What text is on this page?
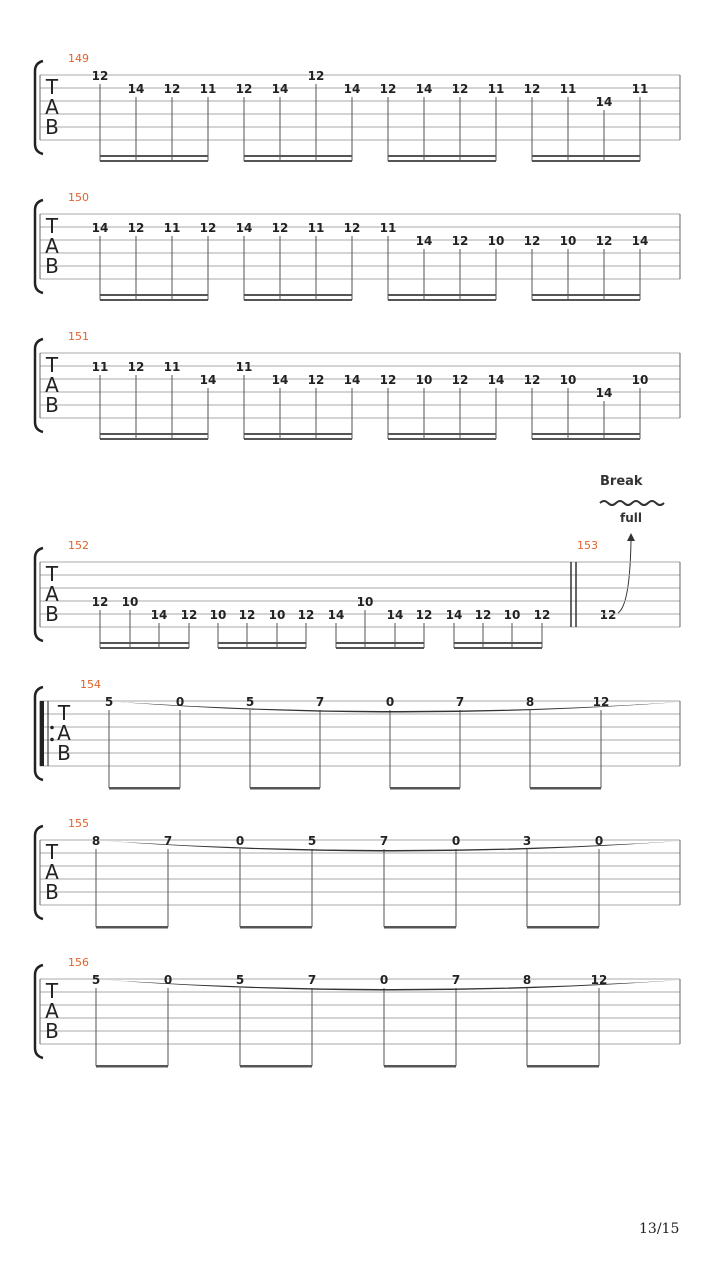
149
T
A
B
12
14 12 11 12 14
12
14 12 14 12 11 12 11
14
11
150
T
A
B
14 12 11 12 14 12 11 12 11
14 12 10 12 10 12 14
151
T
A
B
11 12 11
14
11
14 12 14 12 10 12 14 12 10
14
10
152	153
Break
full
12
T
A
B	12 10
14 12 10 12 10 12 14
10
14 12 14 12 10 12
154
T
A
B
5	0	5	7	0	7	8	12
155
T
A
B
8	7	0	5	7	0	3	0
156
T
A
B
5	0	5	7	0	7	8	12
13/15
